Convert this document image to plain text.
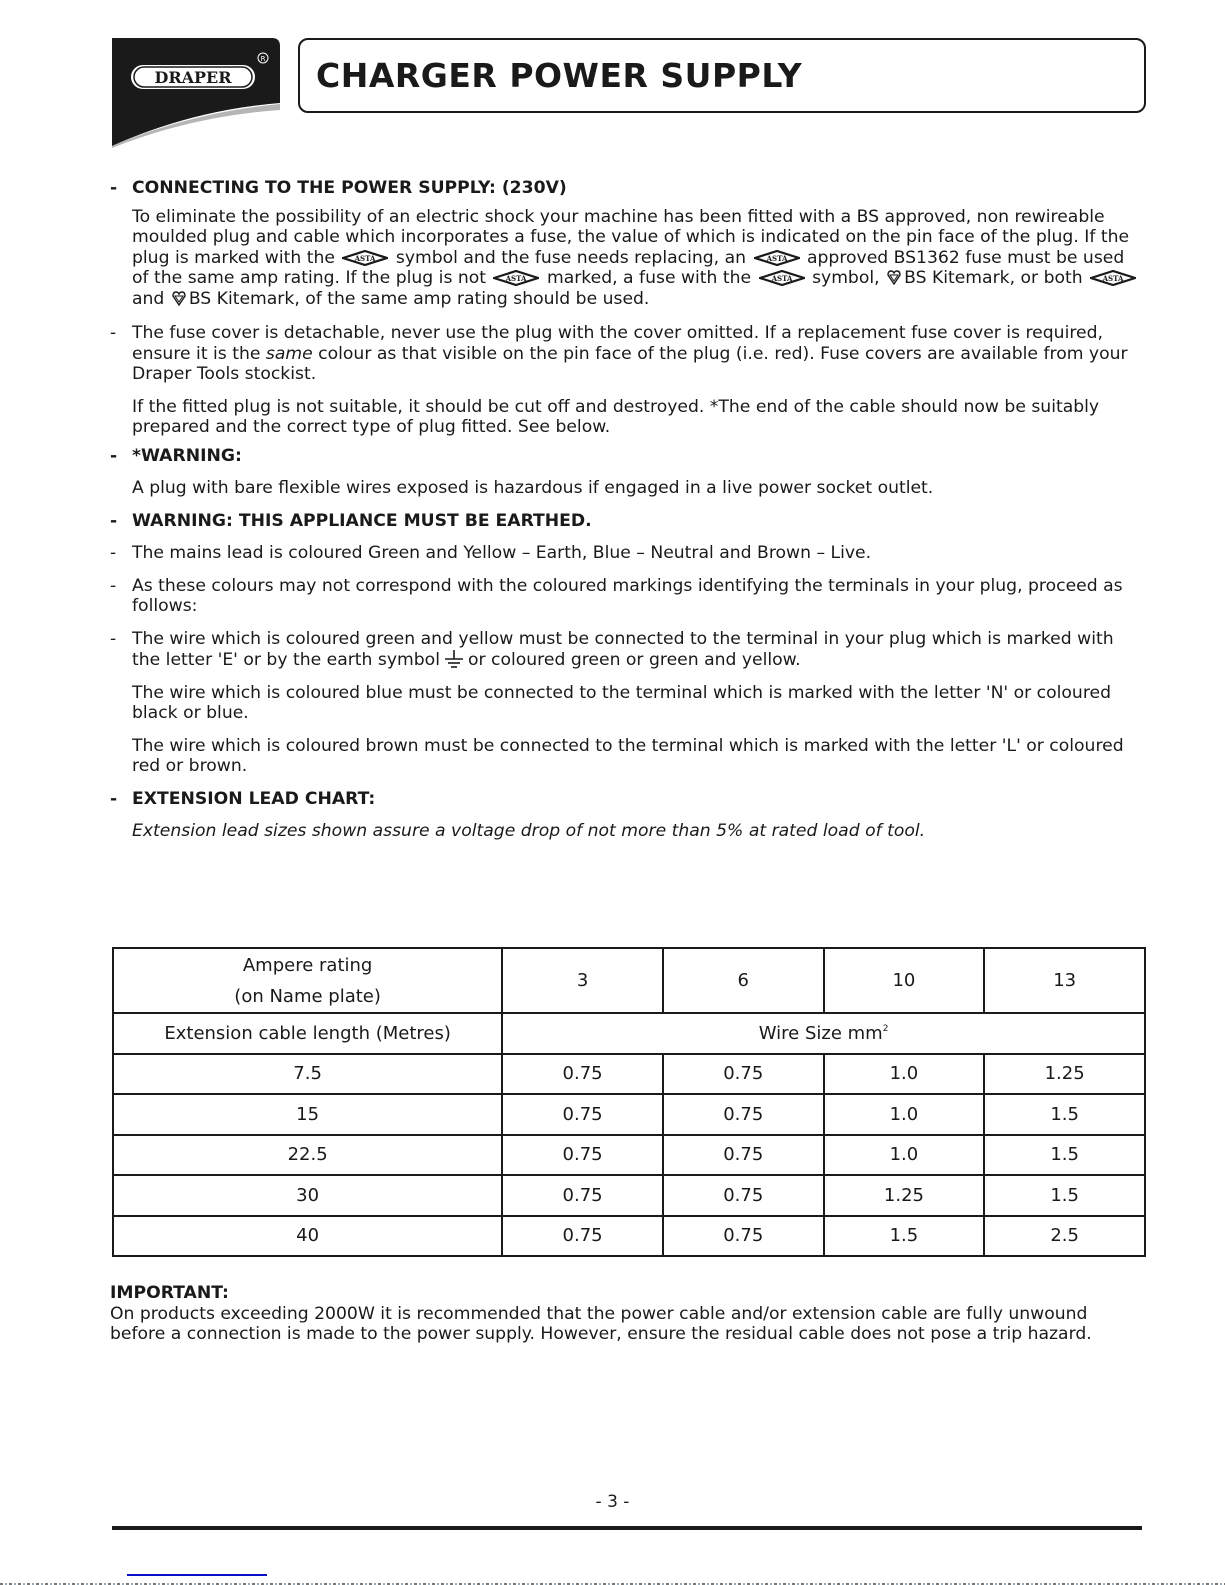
DRAPER
R CHARGER POWER SUPPLY
- CONNECTING TO THE POWER SUPPLY: (230V)
To eliminate the possibility of an electric shock your machine has been fitted with a BS approved, non rewireable moulded plug and cable which incorporates a fuse, the value of which is indicated on the pin face of the plug. If the plug is marked with the	symbol and the fuse needs replacing, an	approved BS1362 fuse must be used of the same amp rating. If the plug is not	marked, a fuse with the	symbol, BS Kitemark, or both  and BS Kitemark, of the same amp rating should be used.
- The fuse cover is detachable, never use the plug with the cover omitted. If a replacement fuse cover is required, ensure it is the same colour as that visible on the pin face of the plug (i.e. red). Fuse covers are available from your Draper Tools stockist.
If the fitted plug is not suitable, it should be cut off and destroyed. *The end of the cable should now be suitably prepared and the correct type of plug fitted. See below.
- *WARNING:
A plug with bare flexible wires exposed is hazardous if engaged in a live power socket outlet.
- WARNING: THIS APPLIANCE MUST BE EARTHED.
- The mains lead is coloured Green and Yellow – Earth, Blue – Neutral and Brown – Live.
- As these colours may not correspond with the coloured markings identifying the terminals in your plug, proceed as follows:
- The wire which is coloured green and yellow must be connected to the terminal in your plug which is marked with the letter 'E' or by the earth symbol or coloured green or green and yellow.
The wire which is coloured blue must be connected to the terminal which is marked with the letter 'N' or coloured black or blue.
The wire which is coloured brown must be connected to the terminal which is marked with the letter 'L' or coloured red or brown.
- EXTENSION LEAD CHART:
Extension lead sizes shown assure a voltage drop of not more than 5% at rated load of tool.
Ampere rating
(on Name plate)	3	6	10	13
Extension cable length (Metres)	Wire Size $mm^2$
7.5	0.75	0.75	1.0	1.25
15	0.75	0.75	1.0	1.5
22.5	0.75	0.75	1.0	1.5
30	0.75	0.75	1.25	1.5
40	0.75	0.75	1.5	2.5
IMPORTANT:
On products exceeding 2000W it is recommended that the power cable and/or extension cable are fully unwound before a connection is made to the power supply. However, ensure the residual cable does not pose a trip hazard.
- 3 -
